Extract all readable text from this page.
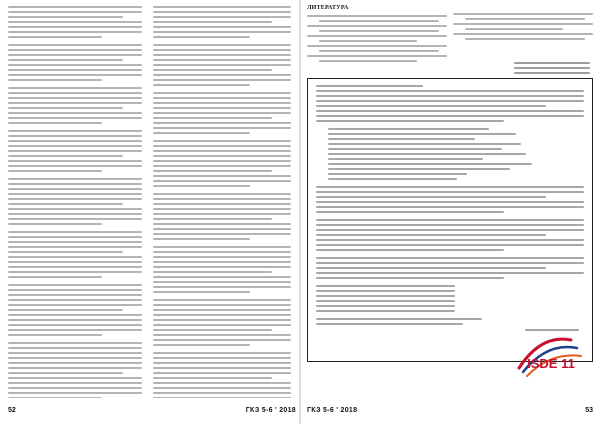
52	ГКЗ 5-6 ' 2018
ЛИТЕРАТУРА
ISDE 11
ГКЗ 5-6 ' 2018	53
